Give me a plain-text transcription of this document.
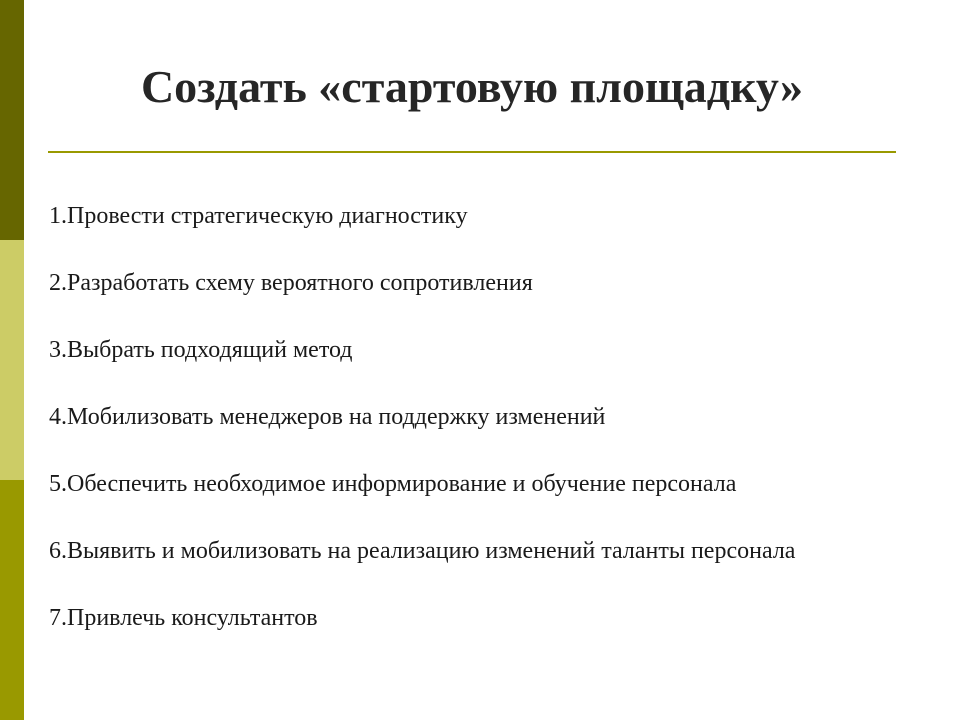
Создать «стартовую площадку»
1.Провести стратегическую диагностику
2.Разработать схему вероятного сопротивления
3.Выбрать подходящий метод
4.Мобилизовать менеджеров на поддержку изменений
5.Обеспечить необходимое информирование и обучение персонала
6.Выявить и мобилизовать на реализацию изменений таланты персонала
7.Привлечь консультантов
